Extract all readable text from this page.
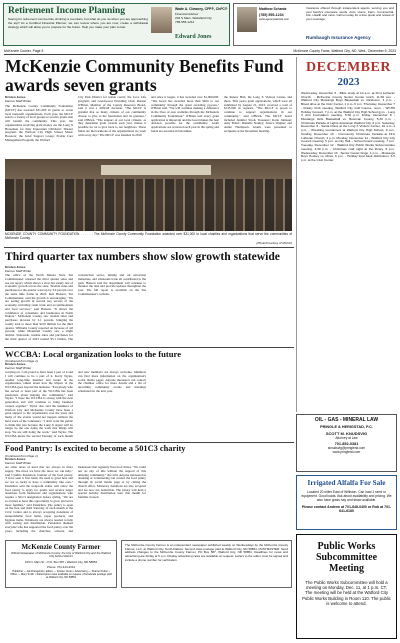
Retirement Income Planning
Saving for retirement can feel like climbing a mountain, but what do you do when you are approaching the top? As a Certified Financial Planner, we can review where you are now, create a withdrawal strategy which will allow you to prepare for the future. Help you make your plan to last.
Wade A. Clowney, CFP®, ChFC®
Financial Advisor
202 S Main, Waitsfield City
785-555-1212
Edward Jones
Matthew Schantz
(785) 555-1234
www.agencywebsite.com
Insurance offered through independent agents, serving you and your family's insurance needs. Auto, Home, Farm, Commercial, Life, Health and more. Call us today for a free quote and review of your coverage.
Rumbaugh Insurance Agency
McKenzie Courier, Page 5	McKenzie County Fame, Watford City, ND, Wed., December 6, 2023
McKenzie Community Benefits Fund awards seven grants
Kristen Jones
Farmer Staff Writer
The McKenzie County Community Foundation (MCCF) has awarded $31,000 in grants to seven local nonprofit organizations. Each year, the MCCF selects a variety of local groups to receive grants that will benefit the community. This year, the organizations receiving grant money are the Long X Horsemen for their Equestrian Children's Theater program; the Watford City High School Music Boosters; the Grief Support Group; Prairie Care Management Program; the Watford
City Park District for tennis courts; the Love Life program; and Greenwood Wrestling Club. Ruston O'Brien, Member of the County Resource Board, said it was a difficult decision. "The MCCF is grateful that so many citizens of our community choose to give to the foundation and its grantees," said O'Brien. "The support of our local citizens, as they determine grant awards each year, makes it possible for us to give back to our neighbors. These funds are the backbone of the organizations we work with every day." The MCCF was founded in 2010
and since it began, it has awarded over $1,000,000. "The board has awarded more than $650 to our community through the grant awarding process," O'Brien said. "We will continue making a difference in the lives of area residents through the McKenzie Community Foundation." O'Brien said every grant application is important and the board makes the best decision possible for the community. Grant applications are reviewed each year in the spring and funds are awarded in December.
the Renew Hub, the Long X Visitors Center, and more. This year's grant applications, which were all submitted by August 21, 2023, received a total of $135,000 in requests. "The MCCF is proud to continue to support organizations in our community," said O'Brien. The MCCF board included Jennifer Stroh, Treasurer; Katie Johnson; Amy Fisher; Danielle Stanley; Jessica Wagner; and Annie Thompson. Grants were presented to recipients at the December meeting.
MCKENZIE COUNTY COMMUNITY FOUNDATION . . . . . . The McKenzie County Community Foundation awarded over $31,000 to local charities and organizations that serve the communities of McKenzie County.
(Photo/Courtesy of MCCF)
DECEMBER
2023
Wednesday, December 6 - Bible study at 10 a.m. at First Lutheran Church. - McKenzie County Senior Center lunch, 11:30 a.m. - Watford City Mustangs Boys Basketball vs. Dickinson, 4 p.m. - Blood drive at the Civic Center, 1 p.m.-6 p.m. Thursday, December 7 - Rotary Club meeting, Watford City Golf Course, noon. - WCHS Holiday Concert, 7 p.m. at the Watford City High School gym. - Long X Arts Foundation meeting, 5:30 p.m. Friday, December 8 - Mustangs Girls Basketball vs. Bowman County, 5:30 p.m. - Christmas Parade of Lights downtown Watford City, 6 p.m. Saturday, December 9 - Santa Claus at the Long X Visitors Center, 10 a.m.-1 p.m. - Wrestling tournament at Watford City High School, 9 a.m. Sunday, December 10 - Community Christmas Cantata at First Lutheran Church, 4 p.m. Monday, December 11 - Watford City City Council meeting, 5 p.m. at City Hall. - School board meeting, 7 p.m. Tuesday, December 12 - Watford City Public Works Subcommittee meeting, 4:30 p.m. - Christmas craft night at the library, 6 p.m. Wednesday, December 13 - Senior Center bingo, 1 p.m. - Mustangs Boys Hockey vs. Minot, 6 p.m. - Holiday food bank distribution, 3-5 p.m. at the Civic Center.
Third quarter tax numbers show slow growth statewide
Kristen Jones
Farmer Staff Writer
The office of the North Dakota State Tax Commissioner released the third quarter sales and use tax report, which shows a slow but steady rate of economic growth across the state. Taxable sales and purchases for the quarter were up by 3.9 percent over the same time frame in 2022. Rob Hanson, Tax Commissioner, said the growth is encouraging. "We are seeing growth in several key sectors of the economy, including retail trade and accommodation and food services," said Hanson. "It shows the confidence of consumers and businesses in North Dakota." McKenzie County saw taxable sales and purchases increase by 2.1 percent, bringing the county total to more than $219 million for the third quarter. Williams County reported an increase of 4.8 percent, while Mountrail County saw a slight decline. Statewide, taxable sales and purchases for the third quarter of 2023 totaled $5.1 billion. The construction sector, mining and oil extraction industries, and wholesale trade all contributed to the gain. Hanson said the department will continue to monitor the data and provide updates throughout the year. The full report is available on the Tax Commissioner's website.
WCCBA: Local organization looks to the future
(Continued from Page 1)
Kristen Jones
Farmer Staff Writer
carrying on. I am proud to have been a part of it and I will continue to be a part of it. Kerry Taylor, another long-time member and leader in the organization, talked about how the impact of the WCCBA goes beyond the business. "Everybody who has served or been part of the WCCBA has been passionate about helping the community," said Taylor. "I hope the WCCBA is strong with the next generation and will continue to bring business owners together." Taylor also said the members of Watford City and McKenzie County have been a great support to the organization over the years and many of the events would not happen without the hard work of the volunteers. "I don't want the public to think that just because the Long X Agent will no longer be the one doing the work that things will stop. We are still doing the work," said Taylor. The WCCBA meets the second Tuesday of each month and new members are always welcome. Members can find more information on the organization's social media pages. Anyone interested can contact the chamber office for more details and a list of upcoming community events and meetings scheduled for the new year.
OIL - GAS - MINERAL LAW
PRINGLE & HERIGSTAD, P.C.
SCOTT M. KNUDSVIG
Attorney at Law
701-852-0381
sknudsvig@pringlend.com
www.pringlend.com
Food Pantry: Is excited to become a 501C3 charity
(Continued from Page 1)
Kristen Jones
Farmer Staff Writer
are other areas of need that are always in more supply. The more we have the more we can help," said Cynthia Pendelton, founder of the food pantry. "I have seen it first hand, the need is great here and we are so lucky to have a community like ours." Pendelton said the nonprofit status will allow the food pantry to apply for grants and receive larger donations from businesses and organizations who require a 501c3 designation before giving. "We are so excited to have this opportunity to grow and serve more families," said Pendelton. The pantry is open on the first and third Saturday of each month at the Civic Center and is always accepting donations of nonperishable food items, paper products, and hygiene items. Volunteers are always needed to help with sorting and distribution. Pendelton thanked everyone who has supported the food pantry over the years, including the churches, schools, and businesses that regularly host food drives. "We could not do any of this without the support of this amazing community," she said. Anyone interested in donating or volunteering can contact the food pantry through its social media page or by calling the church office. Monetary donations are also accepted and are now tax deductible. The pantry will hold a special holiday distribution later this month for families in need.
Irrigated Alfalfa For Sale
Located 20 miles East of Williston. Can load 1 semi or equipment. Good loads. Ask about availability and pricing. We also have grass hay and straw available.
Please contact Andrew at 701-648-0400 or Rob at 701-641-6180
McKenzie County Farmer
Official Newspaper of McKenzie County, the City of Watford City and the Watford City School District
109 N. Main St. • P.O. Box 587 • Watford City, ND 58854
Phone: 701-444-3314
Publisher — Ed Drangsholt • Editor — Kristen Jones • Advertising — Sharon Pelton • Office — Mary Smith • Subscription rates available on request • Periodicals postage paid at Watford City, ND 58854
The McKenzie County Farmer is an independent newspaper published weekly on Wednesdays by the McKenzie County Farmer, LLC, at Watford City, North Dakota. Second class postage paid at Watford City, ND 58854. POSTMASTER: Send address changes to the McKenzie County Farmer, PO Box 587, Watford City, ND 58854. Deadlines for news and advertising are Friday at 5 p.m. Display advertising rates are available on request. Letters to the editor must be signed and include a phone number for verification.
Public Works Subcommittee Meeting
The Public Works Subcommittee will hold a meeting on Monday, Dec. 11, at 1 p.m. CT. The meeting will be held at the Watford City Public Works Building in Room 110. The public is welcome to attend.
